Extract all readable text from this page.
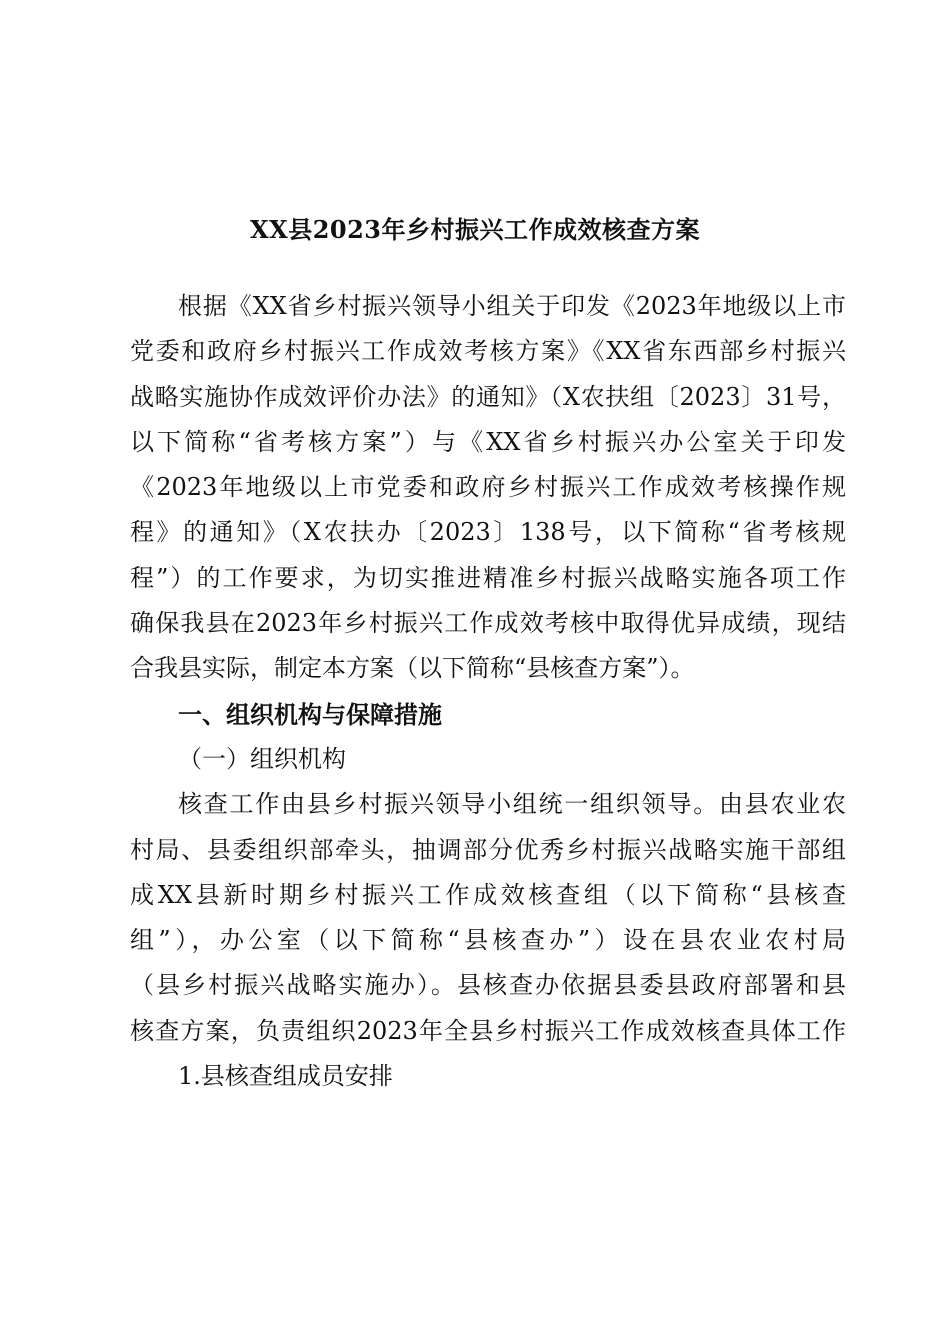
XX县2023年乡村振兴工作成效核查方案
根据《XX省乡村振兴领导小组关于印发《2023年地级以上市
党委和政府乡村振兴工作成效考核方案》《XX省东西部乡村振兴
战略实施协作成效评价办法》的通知》（X农扶组〔2023〕31号，
以下简称“省考核方案”）与《XX省乡村振兴办公室关于印发
《2023年地级以上市党委和政府乡村振兴工作成效考核操作规
程》的通知》（X农扶办〔2023〕138号，以下简称“省考核规
程”）的工作要求，为切实推进精准乡村振兴战略实施各项工作
确保我县在2023年乡村振兴工作成效考核中取得优异成绩，现结
合我县实际，制定本方案（以下简称“县核查方案”）。
一、组织机构与保障措施
（一）组织机构
核查工作由县乡村振兴领导小组统一组织领导。由县农业农
村局、县委组织部牵头，抽调部分优秀乡村振兴战略实施干部组
成XX县新时期乡村振兴工作成效核查组（以下简称“县核查
组”），办公室（以下简称“县核查办”）设在县农业农村局
（县乡村振兴战略实施办）。县核查办依据县委县政府部署和县
核查方案，负责组织2023年全县乡村振兴工作成效核查具体工作
1.县核查组成员安排
